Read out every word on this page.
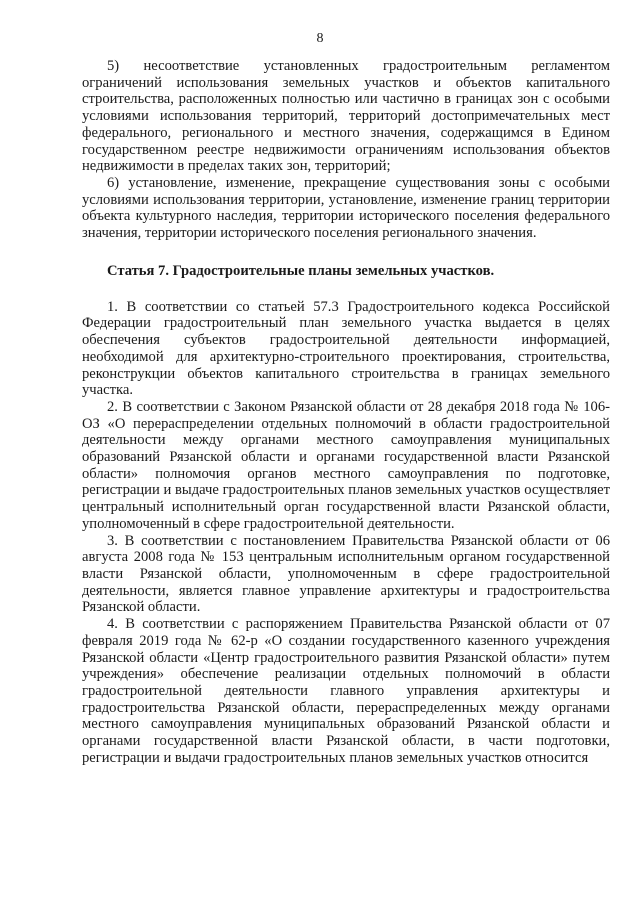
8

5) несоответствие установленных градостроительным регламентом ограничений использования земельных участков и объектов капитального строительства, расположенных полностью или частично в границах зон с особыми условиями использования территорий, территорий достопримечательных мест федерального, регионального и местного значения, содержащимся в Едином государственном реестре недвижимости ограничениям использования объектов недвижимости в пределах таких зон, территорий;

6) установление, изменение, прекращение существования зоны с особыми условиями использования территории, установление, изменение границ территории объекта культурного наследия, территории исторического поселения федерального значения, территории исторического поселения регионального значения.

Статья 7. Градостроительные планы земельных участков.

1. В соответствии со статьей 57.3 Градостроительного кодекса Российской Федерации градостроительный план земельного участка выдается в целях обеспечения субъектов градостроительной деятельности информацией, необходимой для архитектурно-строительного проектирования, строительства, реконструкции объектов капитального строительства в границах земельного участка.

2. В соответствии с Законом Рязанской области от 28 декабря 2018 года № 106-ОЗ «О перераспределении отдельных полномочий в области градостроительной деятельности между органами местного самоуправления муниципальных образований Рязанской области и органами государственной власти Рязанской области» полномочия органов местного самоуправления по подготовке, регистрации и выдаче градостроительных планов земельных участков осуществляет центральный исполнительный орган государственной власти Рязанской области, уполномоченный в сфере градостроительной деятельности.

3. В соответствии с постановлением Правительства Рязанской области от 06 августа 2008 года № 153 центральным исполнительным органом государственной власти Рязанской области, уполномоченным в сфере градостроительной деятельности, является главное управление архитектуры и градостроительства Рязанской области.

4. В соответствии с распоряжением Правительства Рязанской области от 07 февраля 2019 года № 62-р «О создании государственного казенного учреждения Рязанской области «Центр градостроительного развития Рязанской области» путем учреждения» обеспечение реализации отдельных полномочий в области градостроительной деятельности главного управления архитектуры и градостроительства Рязанской области, перераспределенных между органами местного самоуправления муниципальных образований Рязанской области и органами государственной власти Рязанской области, в части подготовки, регистрации и выдачи градостроительных планов земельных участков относится
